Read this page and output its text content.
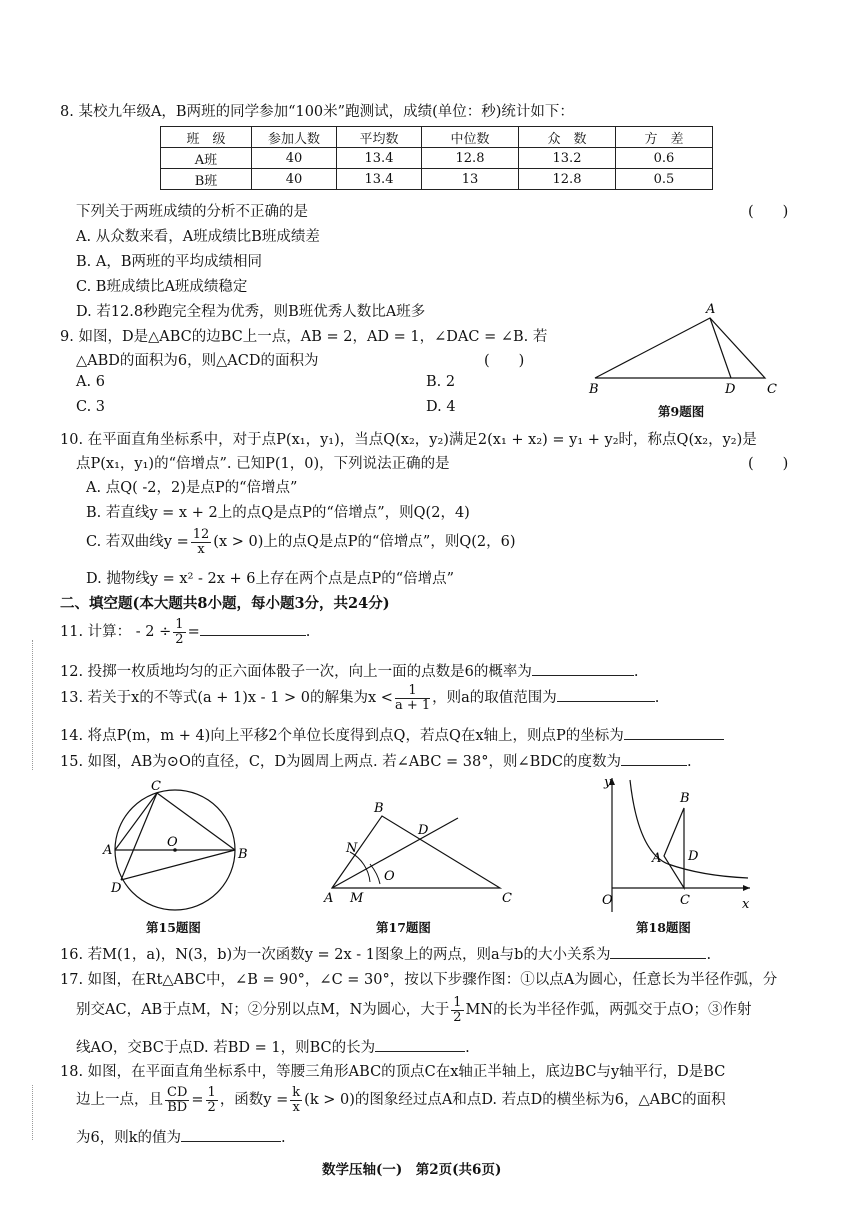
8. 某校九年级A，B两班的同学参加“100米”跑测试，成绩(单位：秒)统计如下：
班　级	参加人数	平均数	中位数	众　数	方　差
A班	40	13.4	12.8	13.2	0.6
B班	40	13.4	13	12.8	0.5
下列关于两班成绩的分析不正确的是	(　　)
A. 从众数来看，A班成绩比B班成绩差
B. A，B两班的平均成绩相同
C. B班成绩比A班成绩稳定
D. 若12.8秒跑完全程为优秀，则B班优秀人数比A班多
9. 如图，D是△ABC的边BC上一点，AB = 2，AD = 1，∠DAC = ∠B. 若
△ABD的面积为6，则△ACD的面积为	(　　)
A. 6	B. 2
C. 3	D. 4
A
B	D C
第9题图
10. 在平面直角坐标系中，对于点P(x₁，y₁)，当点Q(x₂，y₂)满足2(x₁ + x₂) = y₁ + y₂时，称点Q(x₂，y₂)是
点P(x₁，y₁)的“倍增点”. 已知P(1，0)，下列说法正确的是	(　　)
A. 点Q( -2，2)是点P的“倍增点”
B. 若直线y = x + 2上的点Q是点P的“倍增点”，则Q(2，4)
C. 若双曲线$y = \frac{12}{x} (x > 0)$上的点Q是点P的“倍增点”，则Q(2，6)
D. 抛物线y = x² - 2x + 6上存在两个点是点P的“倍增点”
二、填空题(本大题共8小题，每小题3分，共24分)
11. 计算： - $2 \div \frac{1}{2}$ =	.
12. 投掷一枚质地均匀的正六面体骰子一次，向上一面的点数是6的概率为	.
13. 若关于x的不等式(a + 1)x - 1 > 0的解集为$x < \frac{1}{a + 1}$ ，则a的取值范围为	.
14. 将点P(m，m + 4)向上平移2个单位长度得到点Q，若点Q在x轴上，则点P的坐标为
15. 如图，AB为⊙O的直径，C，D为圆周上两点. 若∠ABC = 38°，则∠BDC的度数为	.
C
A
O
B
D
第15题图
A
B
C
D
M
N
O
第17题图
y
O	x
B
A D
C
第18题图
16. 若M(1，a)，N(3，b)为一次函数y = 2x - 1图象上的两点，则a与b的大小关系为	.
17. 如图，在Rt△ABC中，∠B = 90°，∠C = 30°，按以下步骤作图：①以点A为圆心，任意长为半径作弧，分
别交AC，AB于点M，N；②分别以点M，N为圆心，大于 $\frac{1}{2}$ MN的长为半径作弧，两弧交于点O；③作射
线AO，交BC于点D. 若BD = 1，则BC的长为	.
18. 如图，在平面直角坐标系中，等腰三角形ABC的顶点C在x轴正半轴上，底边BC与y轴平行，D是BC
边上一点，且 $\frac{CD}{BD} = \frac{1}{2}$ ，函数$y = \frac{k}{x} (k > 0)$的图象经过点A和点D. 若点D的横坐标为6，△ABC的面积
为6，则k的值为	.
数学压轴(一)　第2页(共6页)
